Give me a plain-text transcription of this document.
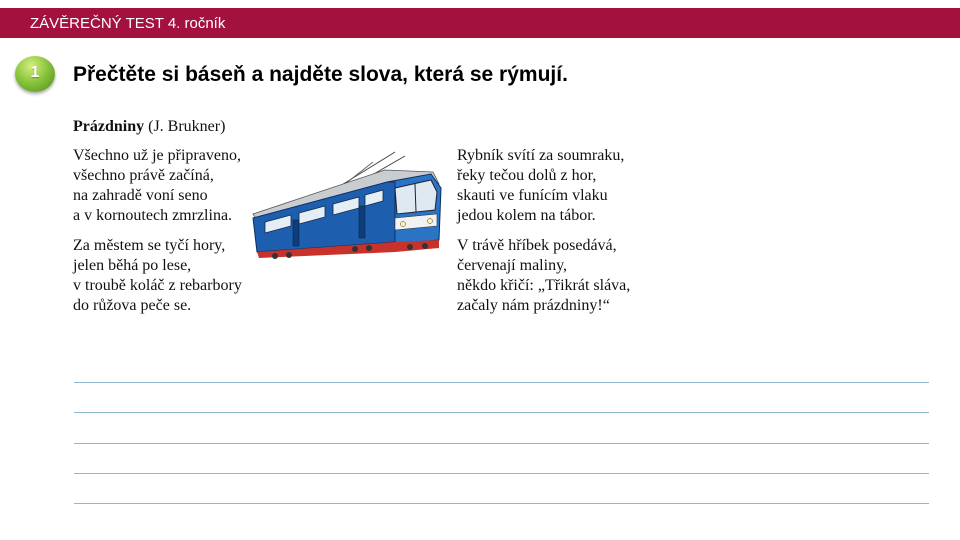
ZÁVĚREČNÝ TEST 4. ročník
1	Přečtěte si báseň a najděte slova, která se rýmují.
Prázdniny (J. Brukner)
Všechno už je připraveno,
všechno právě začíná,
na zahradě voní seno
a v kornoutech zmrzlina.
Za městem se tyčí hory,
jelen běhá po lese,
v troubě koláč z rebarbory
do růžova peče se.
Rybník svítí za soumraku,
řeky tečou dolů z hor,
skauti ve funícím vlaku
jedou kolem na tábor.
V trávě hříbek posedává,
červenají maliny,
někdo křičí: „Třikrát sláva,
začaly nám prázdniny!“
